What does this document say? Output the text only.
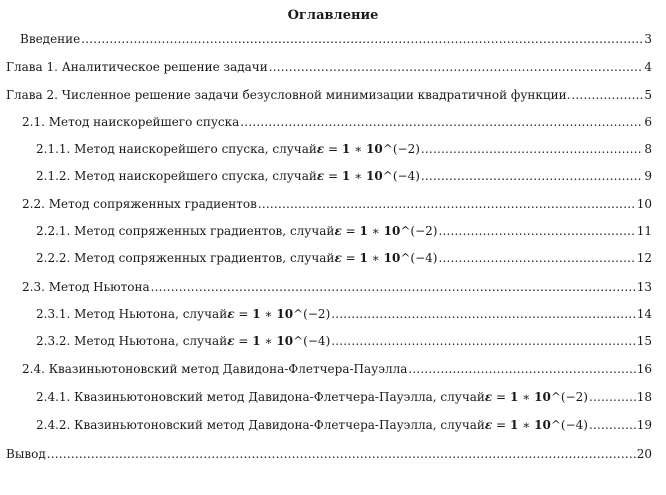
Оглавление
Введение .....	3
Глава 1. Аналитическое решение задачи .....	4
Глава 2. Численное решение задачи безусловной минимизации квадратичной функции. .....	5
2.1. Метод наискорейшего спуска .....	6
2.1.1. Метод наискорейшего спуска, случай ε = 1 ∗ 10^(−2) .....	8
2.1.2. Метод наискорейшего спуска, случай ε = 1 ∗ 10^(−4) .....	9
2.2. Метод сопряженных градиентов .....	10
2.2.1. Метод сопряженных градиентов, случай ε = 1 ∗ 10^(−2) .....	11
2.2.2. Метод сопряженных градиентов, случай ε = 1 ∗ 10^(−4) .....	12
2.3. Метод Ньютона .....	13
2.3.1. Метод Ньютона, случай ε = 1 ∗ 10^(−2) .....	14
2.3.2. Метод Ньютона, случай ε = 1 ∗ 10^(−4) .....	15
2.4. Квазиньютоновский метод Давидона-Флетчера-Пауэлла .....	16
2.4.1. Квазиньютоновский метод Давидона-Флетчера-Пауэлла, случай ε = 1 ∗ 10^(−2) .....	18
2.4.2. Квазиньютоновский метод Давидона-Флетчера-Пауэлла, случай ε = 1 ∗ 10^(−4) .....	19
Вывод .....	20
